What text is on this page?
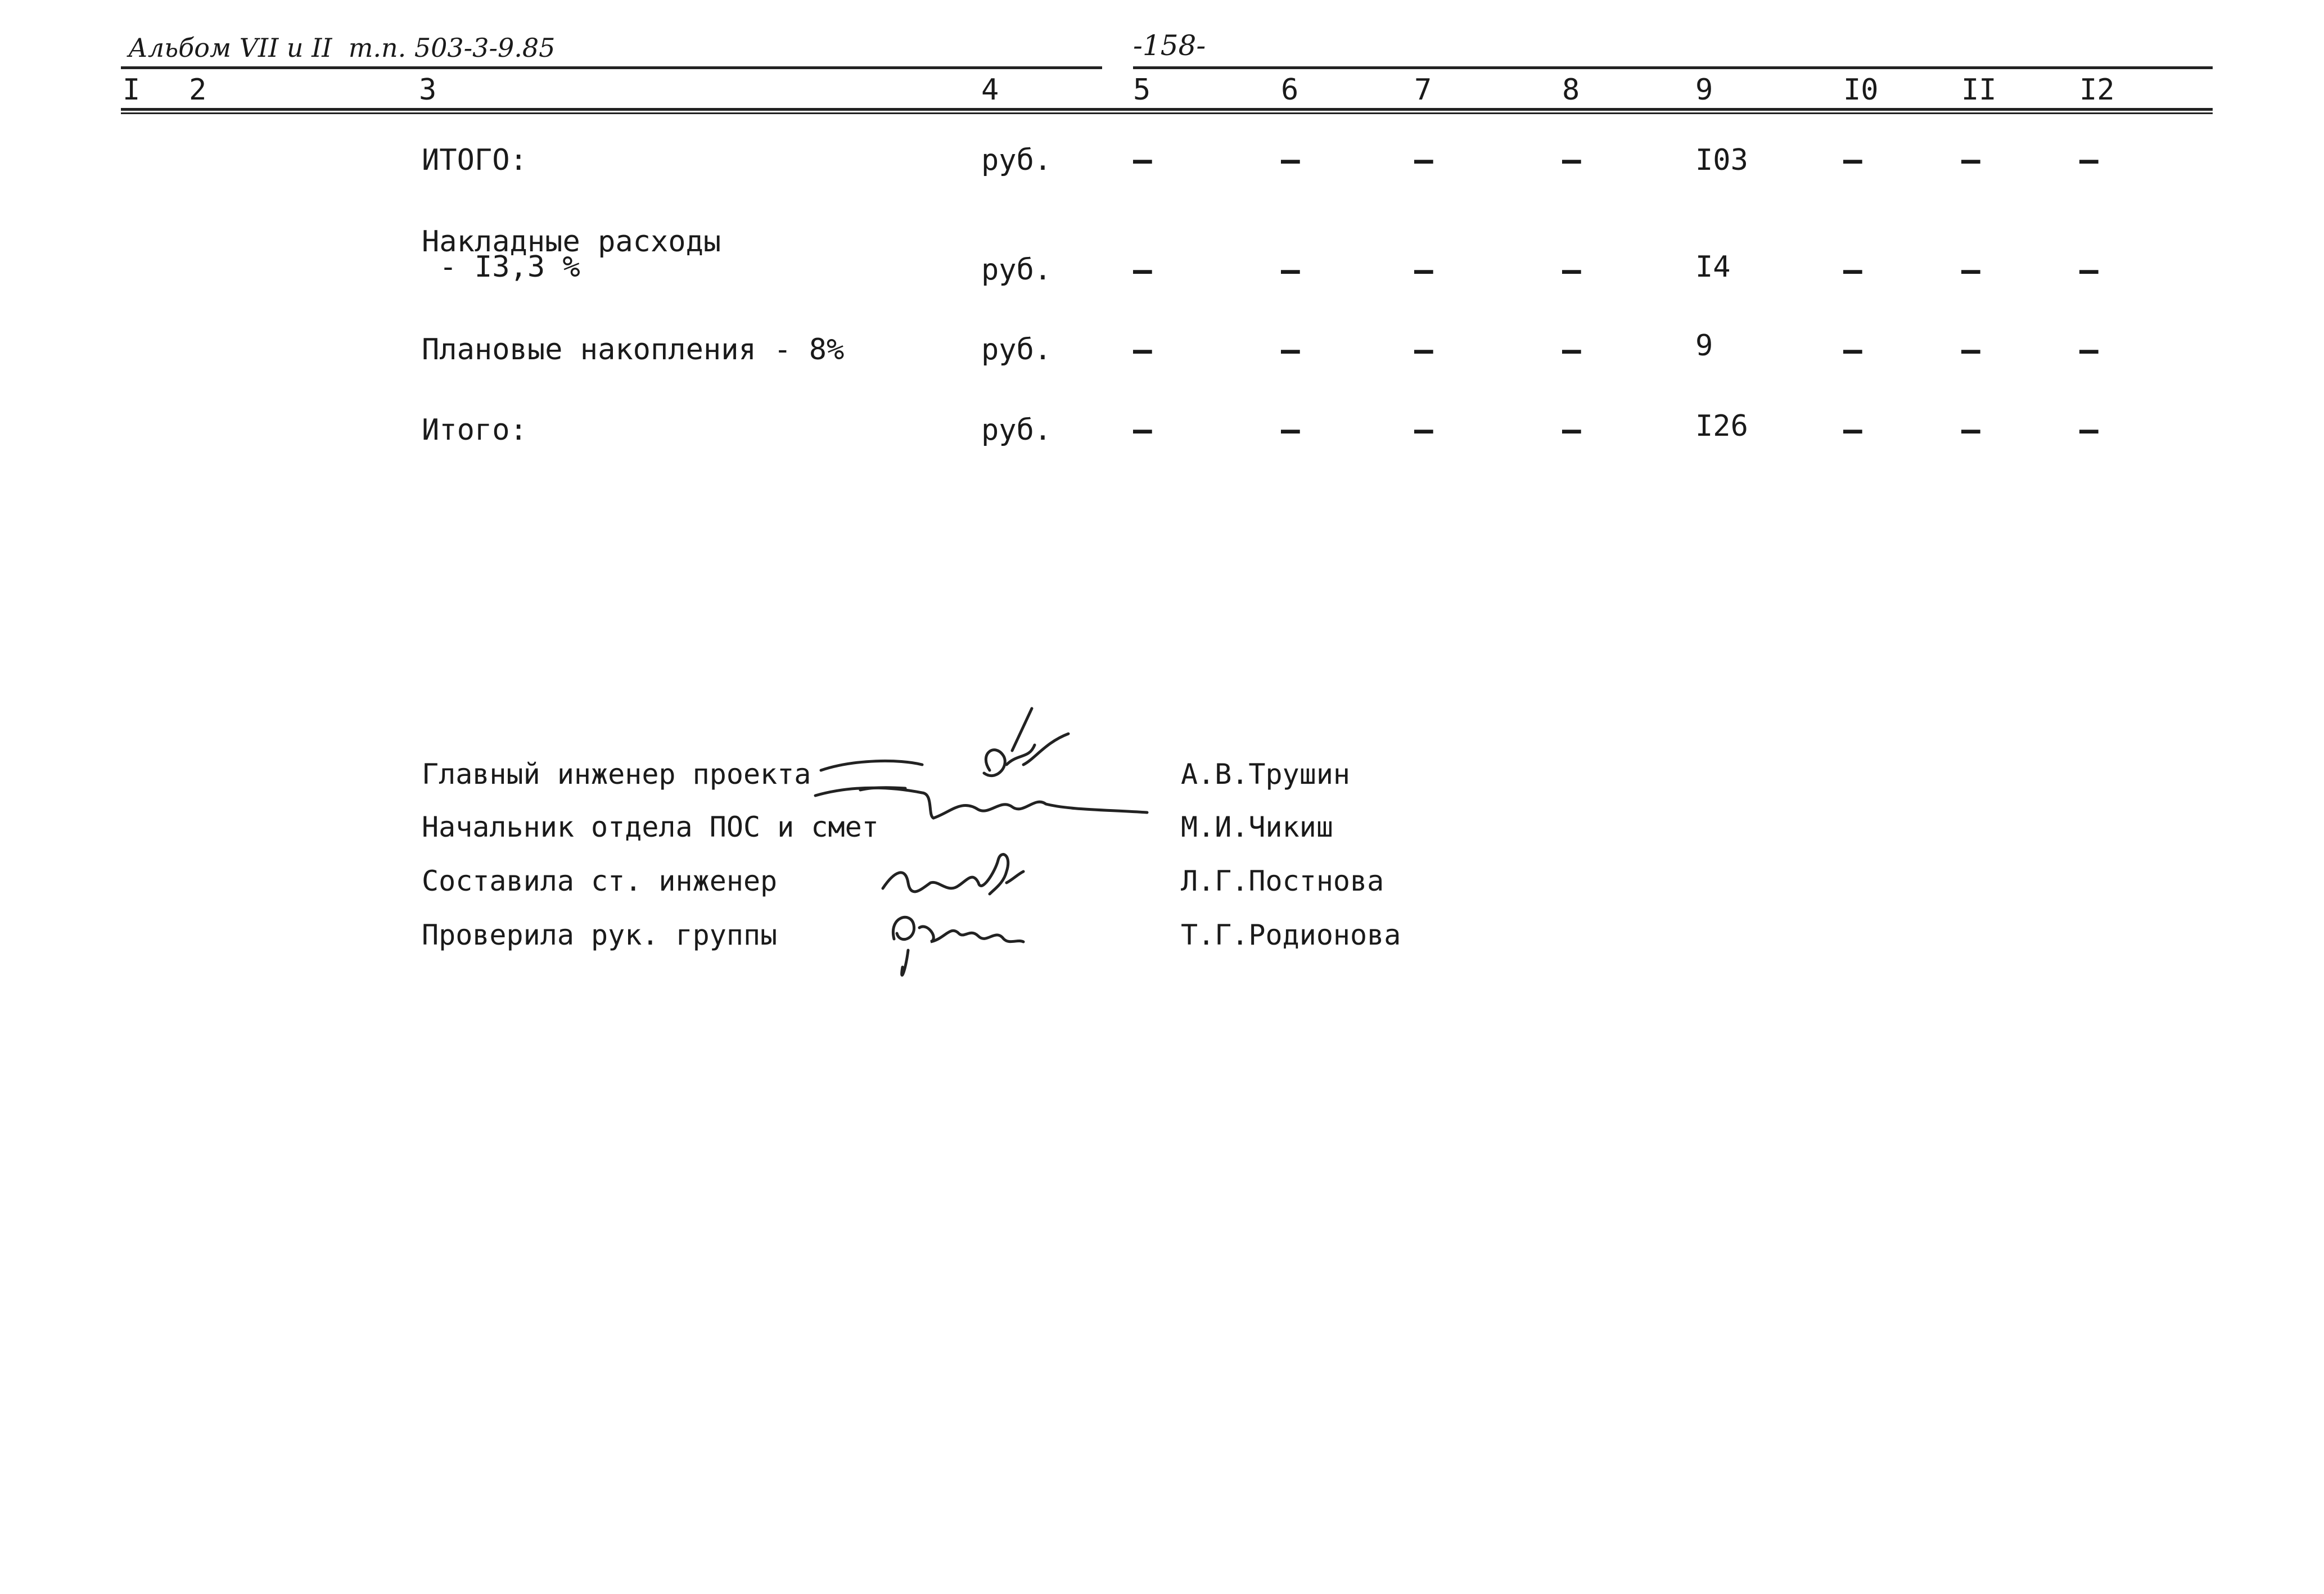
Альбом VII и II  т.п. 503-3-9.85	-158-
I 2	3	4	5	6	7	8	9	I0	II	I2
ИТОГО:	руб.	–	–	–	–	I03	–	–	–
Накладные расходы
- I3,3 %	руб.	–	–	–	–	I4	–	–	–
Плановые накопления - 8%	руб.	–	–	–	–	9	–	–	–
Итого:	руб.	–	–	–	–	I26	–	–	–
Главный инженер проекта	А.В.Трушин
Начальник отдела ПОС и смет	М.И.Чикиш
Составила ст. инженер	Л.Г.Постнова
Проверила рук. группы	Т.Г.Родионова
